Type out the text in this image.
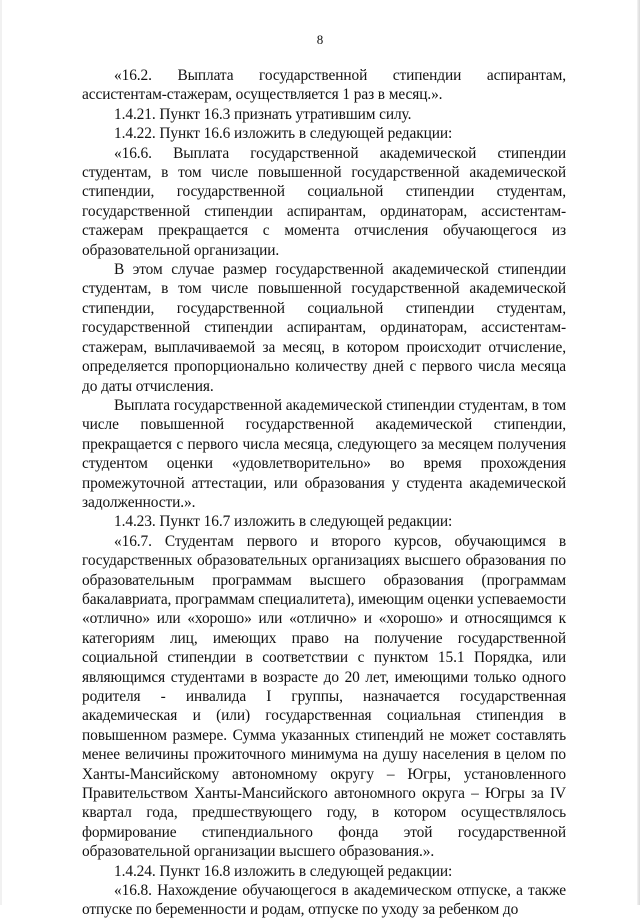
8

«16.2. Выплата государственной стипендии аспирантам, ассистентам-стажерам, осуществляется 1 раз в месяц.».

1.4.21. Пункт 16.3 признать утратившим силу.

1.4.22. Пункт 16.6 изложить в следующей редакции:

«16.6. Выплата государственной академической стипендии студентам, в том числе повышенной государственной академической стипендии, государственной социальной стипендии студентам, государственной стипендии аспирантам, ординаторам, ассистентам-стажерам прекращается с момента отчисления обучающегося из образовательной организации.

В этом случае размер государственной академической стипендии студентам, в том числе повышенной государственной академической стипендии, государственной социальной стипендии студентам, государственной стипендии аспирантам, ординаторам, ассистентам-стажерам, выплачиваемой за месяц, в котором происходит отчисление, определяется пропорционально количеству дней с первого числа месяца до даты отчисления.

Выплата государственной академической стипендии студентам, в том числе повышенной государственной академической стипендии, прекращается с первого числа месяца, следующего за месяцем получения студентом оценки «удовлетворительно» во время прохождения промежуточной аттестации, или образования у студента академической задолженности.».

1.4.23. Пункт 16.7 изложить в следующей редакции:

«16.7. Студентам первого и второго курсов, обучающимся в государственных образовательных организациях высшего образования по образовательным программам высшего образования (программам бакалавриата, программам специалитета), имеющим оценки успеваемости «отлично» или «хорошо» или «отлично» и «хорошо» и относящимся к категориям лиц, имеющих право на получение государственной социальной стипендии в соответствии с пунктом 15.1 Порядка, или являющимся студентами в возрасте до 20 лет, имеющими только одного родителя - инвалида I группы, назначается государственная академическая и (или) государственная социальная стипендия в повышенном размере. Сумма указанных стипендий не может составлять менее величины прожиточного минимума на душу населения в целом по Ханты-Мансийскому автономному округу – Югры, установленного Правительством Ханты-Мансийского автономного округа – Югры за IV квартал года, предшествующего году, в котором осуществлялось формирование стипендиального фонда этой государственной образовательной организации высшего образования.».

1.4.24. Пункт 16.8 изложить в следующей редакции:

«16.8. Нахождение обучающегося в академическом отпуске, а также отпуске по беременности и родам, отпуске по уходу за ребенком до
